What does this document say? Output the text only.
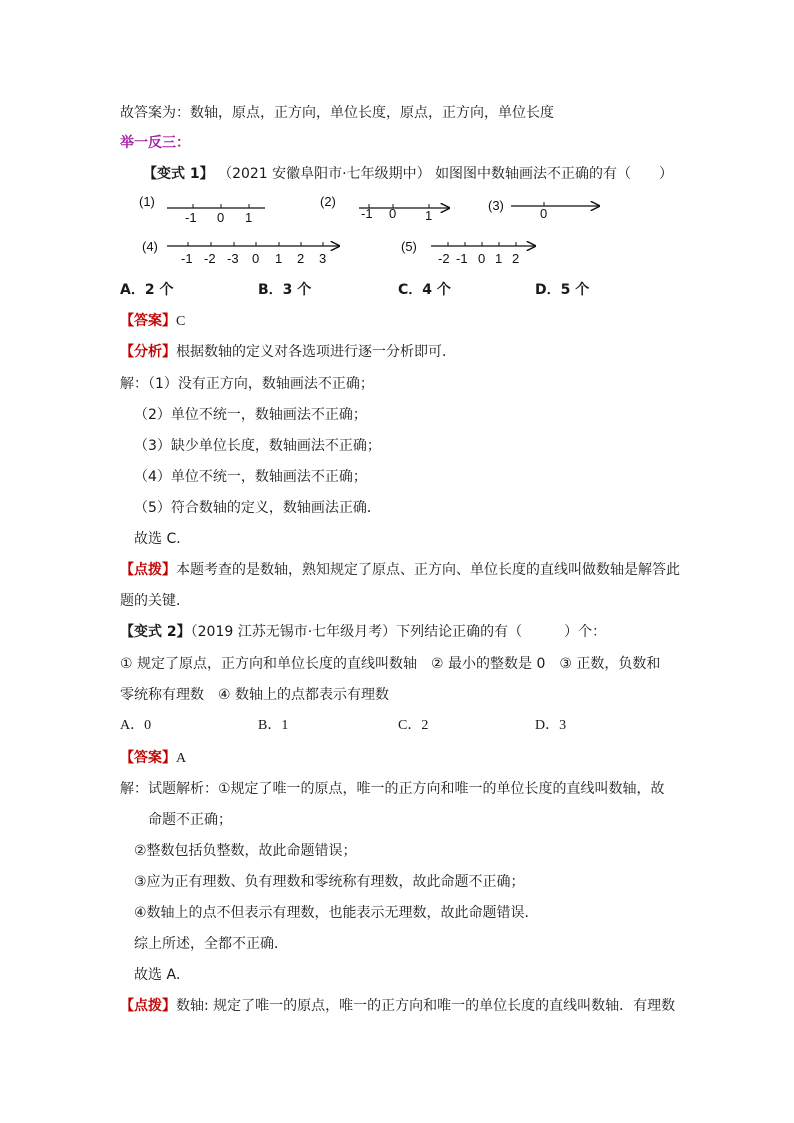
故答案为：数轴，原点，正方向，单位长度，原点，正方向，单位长度
举一反三：
【变式 1】 （2021 安徽阜阳市·七年级期中） 如图图中数轴画法不正确的有（　　）
(1)
-1 0 1
(2)
-1 0 1
(3)
0
(4)
-1 -2 -3 0 1 2 3
(5)
-2 -1 0 1 2
A．2 个	B．3 个	C．4 个	D．5 个
【答案】C
【分析】根据数轴的定义对各选项进行逐一分析即可．
解：（1）没有正方向，数轴画法不正确；
（2）单位不统一，数轴画法不正确；
（3）缺少单位长度，数轴画法不正确；
（4）单位不统一，数轴画法不正确；
（5）符合数轴的定义，数轴画法正确．
故选 C．
【点拨】本题考查的是数轴，熟知规定了原点、正方向、单位长度的直线叫做数轴是解答此
题的关键．
【变式 2】（2019 江苏无锡市·七年级月考）下列结论正确的有（　　　）个：
① 规定了原点，正方向和单位长度的直线叫数轴　② 最小的整数是 0　③ 正数，负数和
零统称有理数　④ 数轴上的点都表示有理数
A．0	B．1	C．2	D．3
【答案】A
解：试题解析：①规定了唯一的原点，唯一的正方向和唯一的单位长度的直线叫数轴，故
命题不正确；
②整数包括负整数，故此命题错误；
③应为正有理数、负有理数和零统称有理数，故此命题不正确；
④数轴上的点不但表示有理数，也能表示无理数，故此命题错误．
综上所述，全都不正确．
故选 A．
【点拨】数轴: 规定了唯一的原点，唯一的正方向和唯一的单位长度的直线叫数轴．有理数
